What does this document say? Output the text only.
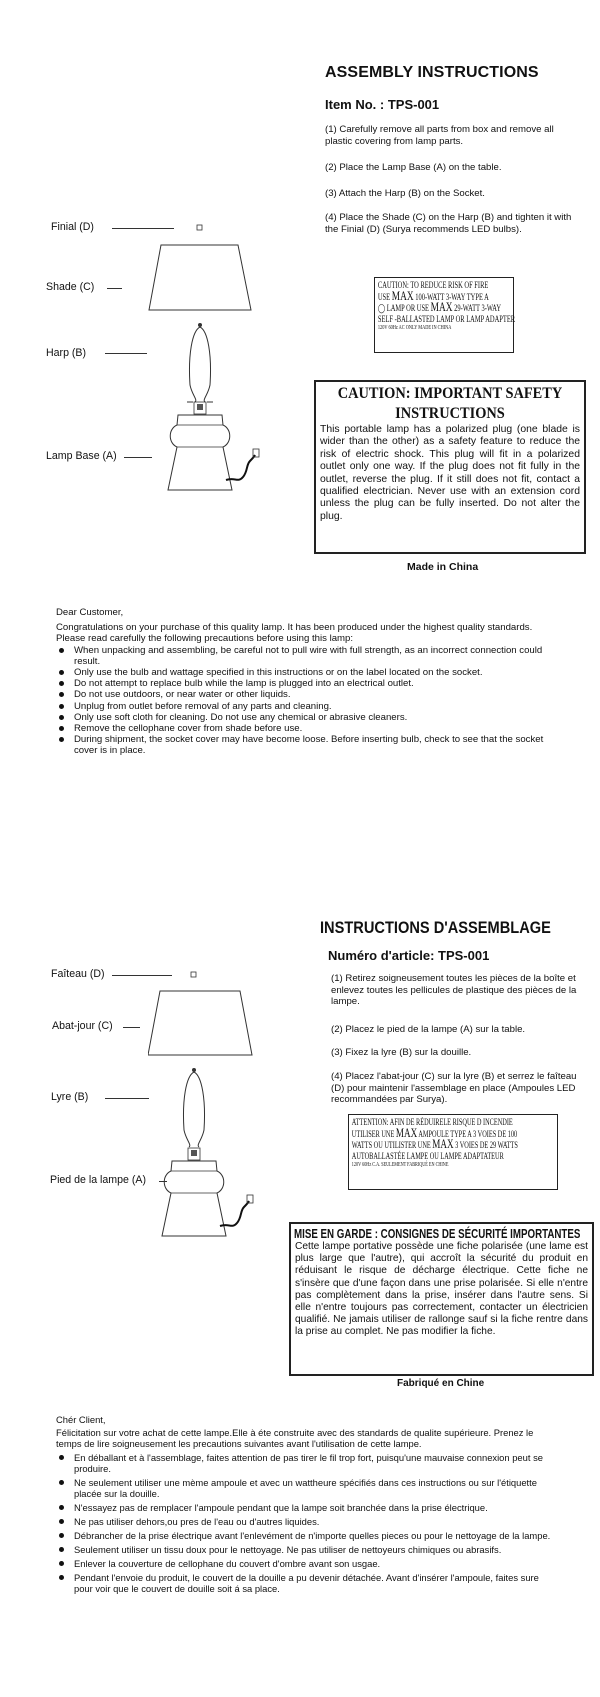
ASSEMBLY INSTRUCTIONS
Item No. : TPS-001
(1) Carefully remove all parts from box and remove all plastic covering from lamp parts.
(2) Place the Lamp Base (A) on the table.
(3) Attach the Harp (B) on the Socket.
(4) Place the Shade (C) on the Harp (B) and tighten it with the Finial (D) (Surya recommends LED bulbs).
Finial (D)
Shade (C)
Harp (B)
Lamp Base (A)
CAUTION: TO REDUCE RISK OF FIRE
USE MAX 100-WATT 3-WAY TYPE A
◯ LAMP OR USE MAX 29-WATT 3-WAY
SELF -BALLASTED LAMP OR LAMP ADAPTER
120V 60Hz AC ONLY MADE IN CHINA
CAUTION: IMPORTANT SAFETY INSTRUCTIONS
This portable lamp has a polarized plug (one blade is wider than the other) as a safety feature to reduce the risk of electric shock. This plug will fit in a polarized outlet only one way. If the plug does not fit fully in the outlet, reverse the plug. If it still does not fit, contact a qualified electrician. Never use with an extension cord unless the plug can be fully inserted. Do not alter the plug.
Made in China
Dear Customer,
Congratulations on your purchase of this quality lamp. It has been produced under the highest quality standards. Please read carefully the following precautions before using this lamp:
When unpacking and assembling, be careful not to pull wire with full strength, as an incorrect connection could result.
Only use the bulb and wattage specified in this instructions or on the label located on the socket.
Do not attempt to replace bulb while the lamp is plugged into an electrical outlet.
Do not use outdoors, or near water or other liquids.
Unplug from outlet before removal of any parts and cleaning.
Only use soft cloth for cleaning. Do not use any chemical or abrasive cleaners.
Remove the cellophane cover from shade before use.
During shipment, the socket cover may have become loose. Before inserting bulb, check to see that the socket cover is in place.
INSTRUCTIONS D'ASSEMBLAGE
Numéro d'article: TPS-001
(1) Retirez soigneusement toutes les pièces de la boîte et enlevez toutes les pellicules de plastique des pièces de la lampe.
(2) Placez le pied de la lampe (A) sur la table.
(3) Fixez la lyre (B) sur la douille.
(4) Placez l'abat-jour (C) sur la lyre (B) et serrez le faîteau (D) pour maintenir l'assemblage en place (Ampoules LED recommandées par Surya).
Faîteau (D)
Abat-jour (C)
Lyre (B)
Pied de la lampe (A)
ATTENTION: AFIN DE RÉDUIRELE RISQUE D INCENDIE
UTILISER UNE MAX AMPOULE TYPE A 3 VOIES DE 100
WATTS OU UTILISTER UNE MAX 3 VOIES DE 29 WATTS
AUTOBALLASTÉE LAMPE OU LAMPE ADAPTATEUR
120V 60Hz C.A. SEULEMENT FABRIQUÉ EN CHINE
MISE EN GARDE : CONSIGNES DE SÉCURITÉ IMPORTANTES
Cette lampe portative possède une fiche polarisée (une lame est plus large que l'autre), qui accroît la sécurité du produit en réduisant le risque de décharge électrique. Cette fiche ne s'insère que d'une façon dans une prise polarisée. Si elle n'entre pas complètement dans la prise, insérer dans l'autre sens. Si elle n'entre toujours pas correctement, contacter un électricien qualifié. Ne jamais utiliser de rallonge sauf si la fiche rentre dans la prise au complet. Ne pas modifier la fiche.
Fabriqué en Chine
Chér Client,
Félicitation sur votre achat de cette lampe.Elle à éte construite avec des standards de qualite supérieure. Prenez le temps de lire soigneusement les precautions suivantes avant l'utilisation de cette lampe.
En déballant et à l'assemblage, faites attention de pas tirer le fil trop fort, puisqu'une mauvaise connexion peut se produire.
Ne seulement utiliser une mème ampoule et avec un wattheure spécifiés dans ces instructions ou sur l'étiquette placée sur la douille.
N'essayez pas de remplacer l'ampoule pendant que la lampe soit branchée dans la prise électrique.
Ne pas utiliser dehors,ou pres de l'eau ou d'autres liquides.
Débrancher de la prise électrique avant l'enlevément de n'importe quelles pieces ou pour le nettoyage de la lampe.
Seulement utiliser un tissu doux pour le nettoyage. Ne pas utiliser de nettoyeurs chimiques ou abrasifs.
Enlever la couverture de cellophane du couvert d'ombre avant son usgae.
Pendant l'envoie du produit, le couvert de la douille a pu devenir détachée. Avant d'insérer l'ampoule, faites sure pour voir que le couvert de douille soit á sa place.
